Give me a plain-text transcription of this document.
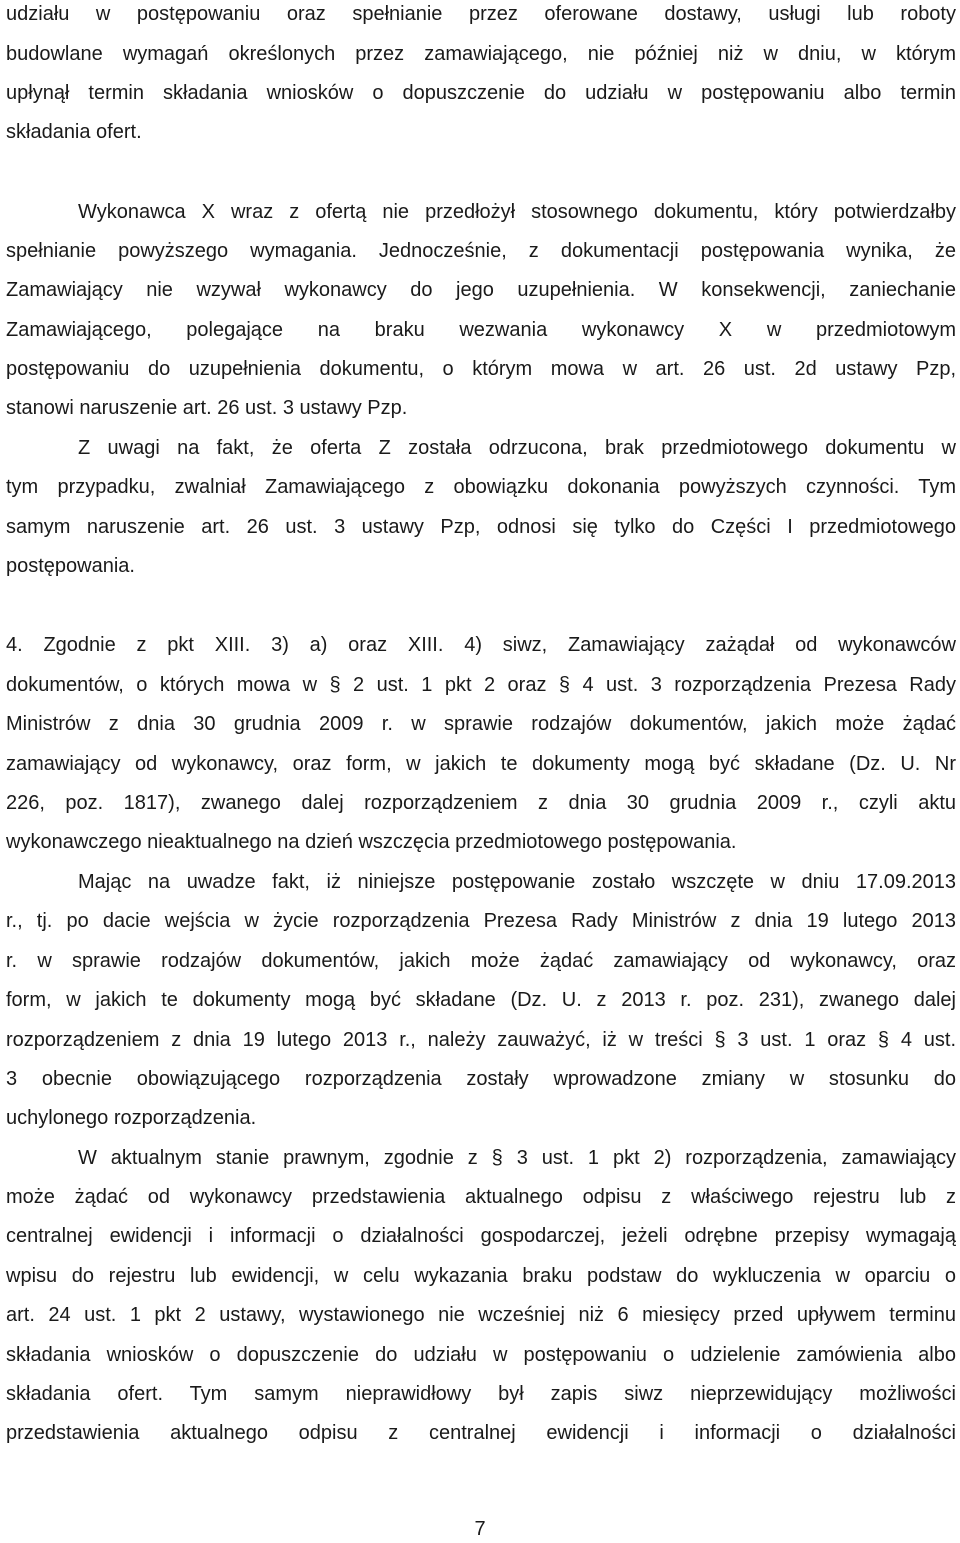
udziału w postępowaniu oraz spełnianie przez oferowane dostawy, usługi lub roboty
budowlane wymagań określonych przez zamawiającego, nie później niż w dniu, w którym
upłynął termin składania wniosków o dopuszczenie do udziału w postępowaniu albo termin
składania ofert.
Wykonawca X wraz z ofertą nie przedłożył stosownego dokumentu, który potwierdzałby
spełnianie powyższego wymagania. Jednocześnie, z dokumentacji postępowania wynika, że
Zamawiający nie wzywał wykonawcy do jego uzupełnienia. W konsekwencji, zaniechanie
Zamawiającego, polegające na braku wezwania wykonawcy X w przedmiotowym
postępowaniu do uzupełnienia dokumentu, o którym mowa w art. 26 ust. 2d ustawy Pzp,
stanowi naruszenie art. 26 ust. 3 ustawy Pzp.
Z uwagi na fakt, że oferta Z została odrzucona, brak przedmiotowego dokumentu w
tym przypadku, zwalniał Zamawiającego z obowiązku dokonania powyższych czynności. Tym
samym naruszenie art. 26 ust. 3 ustawy Pzp, odnosi się tylko do Części I przedmiotowego
postępowania.
4. Zgodnie z pkt XIII. 3) a) oraz XIII. 4) siwz, Zamawiający zażądał od wykonawców
dokumentów, o których mowa w § 2 ust. 1 pkt 2 oraz § 4 ust. 3 rozporządzenia Prezesa Rady
Ministrów z dnia 30 grudnia 2009 r. w sprawie rodzajów dokumentów, jakich może żądać
zamawiający od wykonawcy, oraz form, w jakich te dokumenty mogą być składane (Dz. U. Nr
226, poz. 1817), zwanego dalej rozporządzeniem z dnia 30 grudnia 2009 r., czyli aktu
wykonawczego nieaktualnego na dzień wszczęcia przedmiotowego postępowania.
Mając na uwadze fakt, iż niniejsze postępowanie zostało wszczęte w dniu 17.09.2013
r., tj. po dacie wejścia w życie rozporządzenia Prezesa Rady Ministrów z dnia 19 lutego 2013
r. w sprawie rodzajów dokumentów, jakich może żądać zamawiający od wykonawcy, oraz
form, w jakich te dokumenty mogą być składane (Dz. U. z 2013 r. poz. 231), zwanego dalej
rozporządzeniem z dnia 19 lutego 2013 r., należy zauważyć, iż w treści § 3 ust. 1 oraz § 4 ust.
3 obecnie obowiązującego rozporządzenia zostały wprowadzone zmiany w stosunku do
uchylonego rozporządzenia.
W aktualnym stanie prawnym, zgodnie z § 3 ust. 1 pkt 2) rozporządzenia, zamawiający
może żądać od wykonawcy przedstawienia aktualnego odpisu z właściwego rejestru lub z
centralnej ewidencji i informacji o działalności gospodarczej, jeżeli odrębne przepisy wymagają
wpisu do rejestru lub ewidencji, w celu wykazania braku podstaw do wykluczenia w oparciu o
art. 24 ust. 1 pkt 2 ustawy, wystawionego nie wcześniej niż 6 miesięcy przed upływem terminu
składania wniosków o dopuszczenie do udziału w postępowaniu o udzielenie zamówienia albo
składania ofert. Tym samym nieprawidłowy był zapis siwz nieprzewidujący możliwości
przedstawienia aktualnego odpisu z centralnej ewidencji i informacji o działalności
7
